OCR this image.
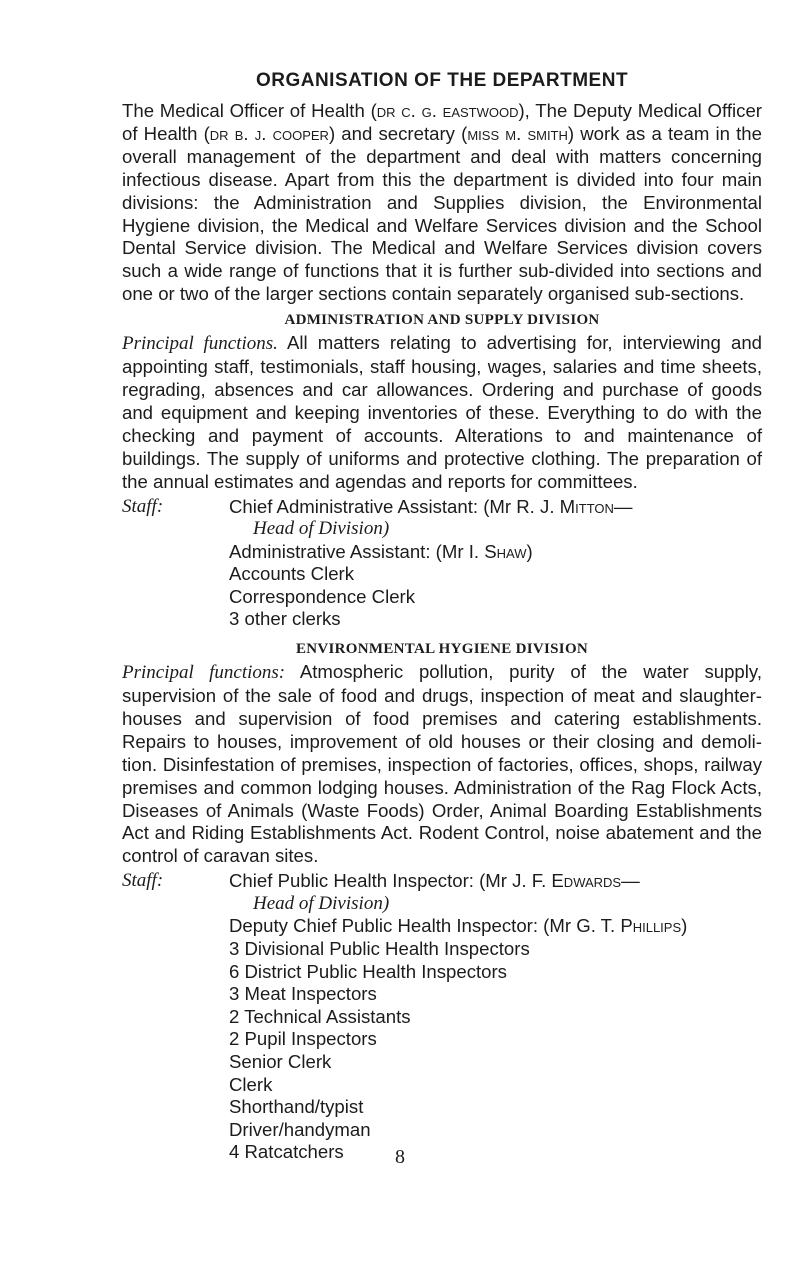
ORGANISATION OF THE DEPARTMENT

The Medical Officer of Health (dr c. g. eastwood), The Deputy Medical Officer of Health (dr b. j. cooper) and secretary (miss m. smith) work as a team in the overall management of the department and deal with matters concerning infectious disease. Apart from this the department is divided into four main divisions: the Administration and Supplies division, the Environmental Hygiene division, the Medical and Welfare Services division and the School Dental Service division. The Medical and Welfare Services division covers such a wide range of functions that it is further sub-divided into sections and one or two of the larger sections contain separately organised sub-sections.

ADMINISTRATION AND SUPPLY DIVISION

Principal functions. All matters relating to advertising for, interviewing and appointing staff, testimonials, staff housing, wages, salaries and time sheets, regrading, absences and car allowances. Ordering and purchase of goods and equipment and keeping inventories of these. Everything to do with the checking and payment of accounts. Alterations to and maintenance of buildings. The supply of uniforms and protective clothing. The preparation of the annual estimates and agendas and reports for committees.

Staff:	Chief Administrative Assistant: (Mr R. J. Mitton—
Head of Division)
Administrative Assistant: (Mr I. Shaw)
Accounts Clerk
Correspondence Clerk
3 other clerks
ENVIRONMENTAL HYGIENE DIVISION

Principal functions: Atmospheric pollution, purity of the water supply, supervision of the sale of food and drugs, inspection of meat and slaughterhouses and supervision of food premises and catering establishments. Repairs to houses, improvement of old houses or their closing and demolition. Disinfestation of premises, inspection of factories, offices, shops, railway premises and common lodging houses. Administration of the Rag Flock Acts, Diseases of Animals (Waste Foods) Order, Animal Boarding Establishments Act and Riding Establishments Act. Rodent Control, noise abatement and the control of caravan sites.

Staff:	Chief Public Health Inspector: (Mr J. F. Edwards—
Head of Division)
Deputy Chief Public Health Inspector: (Mr G. T. Phillips)
3 Divisional Public Health Inspectors
6 District Public Health Inspectors
3 Meat Inspectors
2 Technical Assistants
2 Pupil Inspectors
Senior Clerk
Clerk
Shorthand/typist
Driver/handyman
4 Ratcatchers	8
